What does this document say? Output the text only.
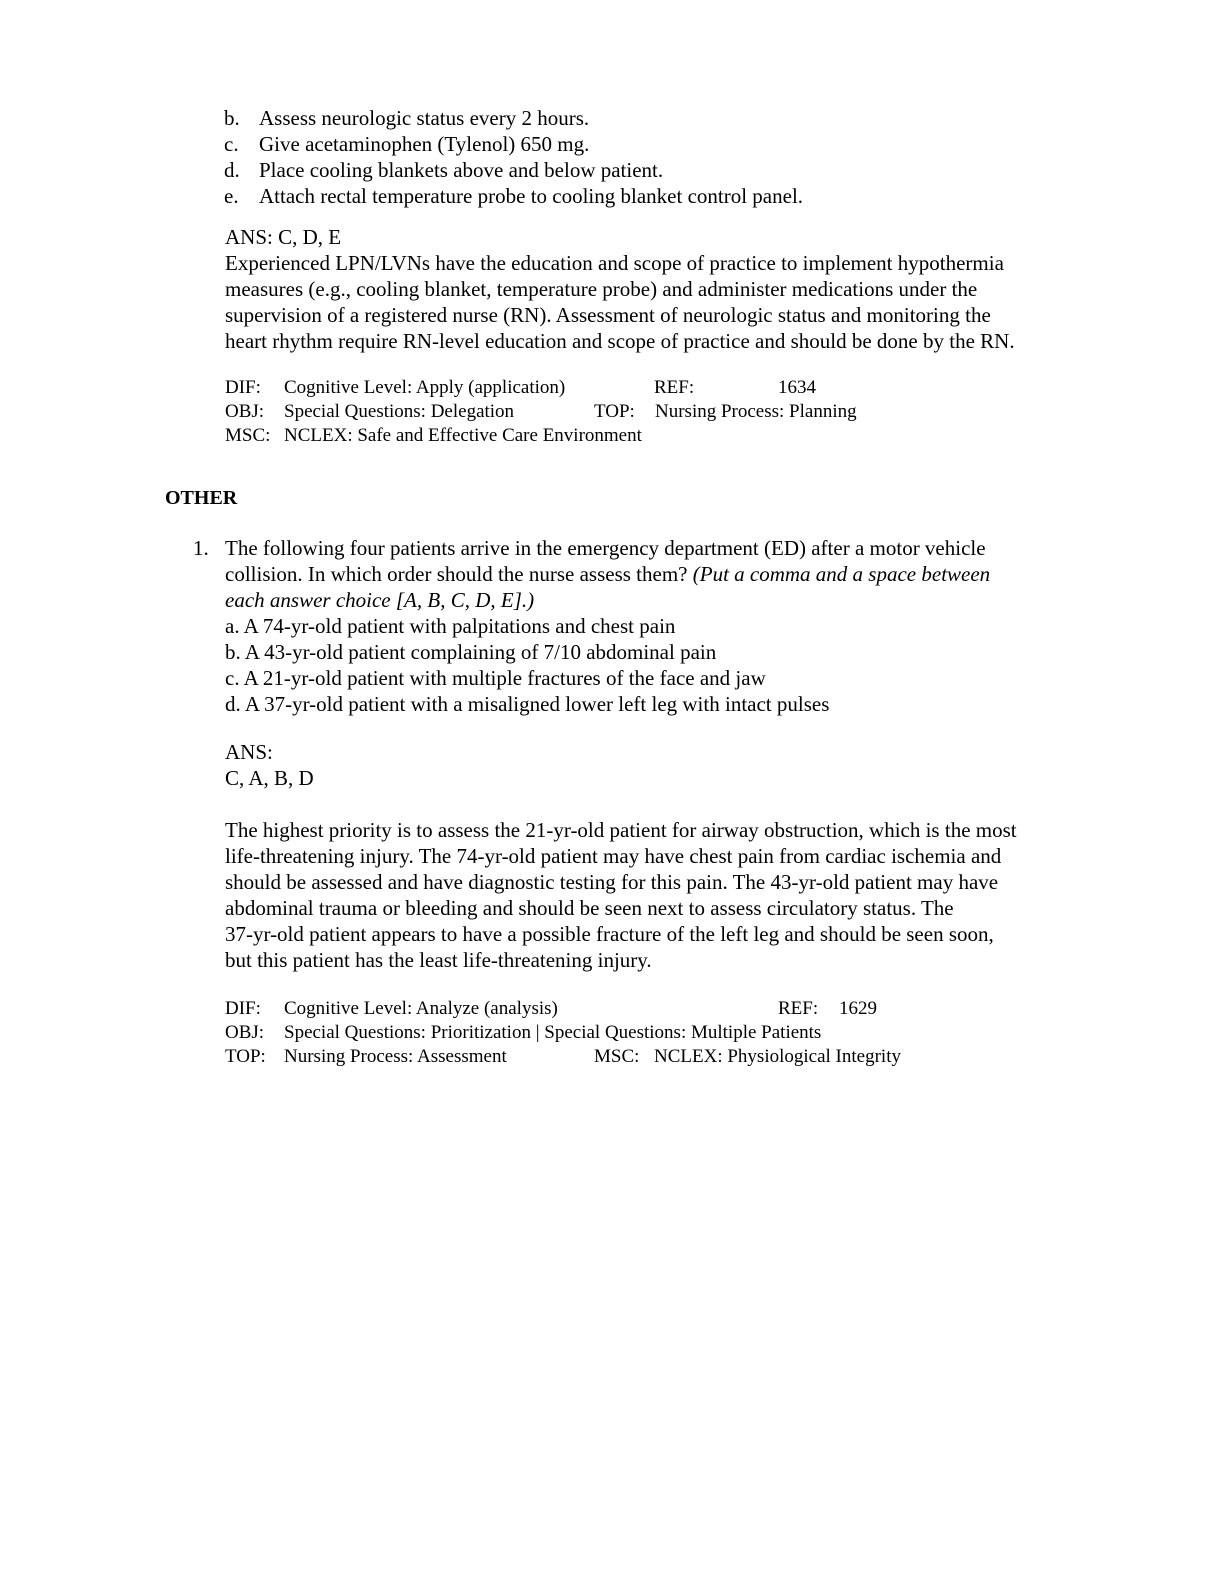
b. Assess neurologic status every 2 hours.
c. Give acetaminophen (Tylenol) 650 mg.
d. Place cooling blankets above and below patient.
e. Attach rectal temperature probe to cooling blanket control panel.
ANS: C, D, E
Experienced LPN/LVNs have the education and scope of practice to implement hypothermia
measures (e.g., cooling blanket, temperature probe) and administer medications under the
supervision of a registered nurse (RN). Assessment of neurologic status and monitoring the
heart rhythm require RN-level education and scope of practice and should be done by the RN.
DIF: Cognitive Level: Apply (application)	REF:	1634
OBJ: Special Questions: Delegation	TOP: Nursing Process: Planning
MSC: NCLEX: Safe and Effective Care Environment
OTHER
1. The following four patients arrive in the emergency department (ED) after a motor vehicle
collision. In which order should the nurse assess them? (Put a comma and a space between
each answer choice [A, B, C, D, E].)
a. A 74-yr-old patient with palpitations and chest pain
b. A 43-yr-old patient complaining of 7/10 abdominal pain
c. A 21-yr-old patient with multiple fractures of the face and jaw
d. A 37-yr-old patient with a misaligned lower left leg with intact pulses
ANS:
C, A, B, D
The highest priority is to assess the 21-yr-old patient for airway obstruction, which is the most
life-threatening injury. The 74-yr-old patient may have chest pain from cardiac ischemia and
should be assessed and have diagnostic testing for this pain. The 43-yr-old patient may have
abdominal trauma or bleeding and should be seen next to assess circulatory status. The
37-yr-old patient appears to have a possible fracture of the left leg and should be seen soon,
but this patient has the least life-threatening injury.
DIF: Cognitive Level: Analyze (analysis)	REF: 1629
OBJ: Special Questions: Prioritization | Special Questions: Multiple Patients
TOP: Nursing Process: Assessment	MSC: NCLEX: Physiological Integrity
